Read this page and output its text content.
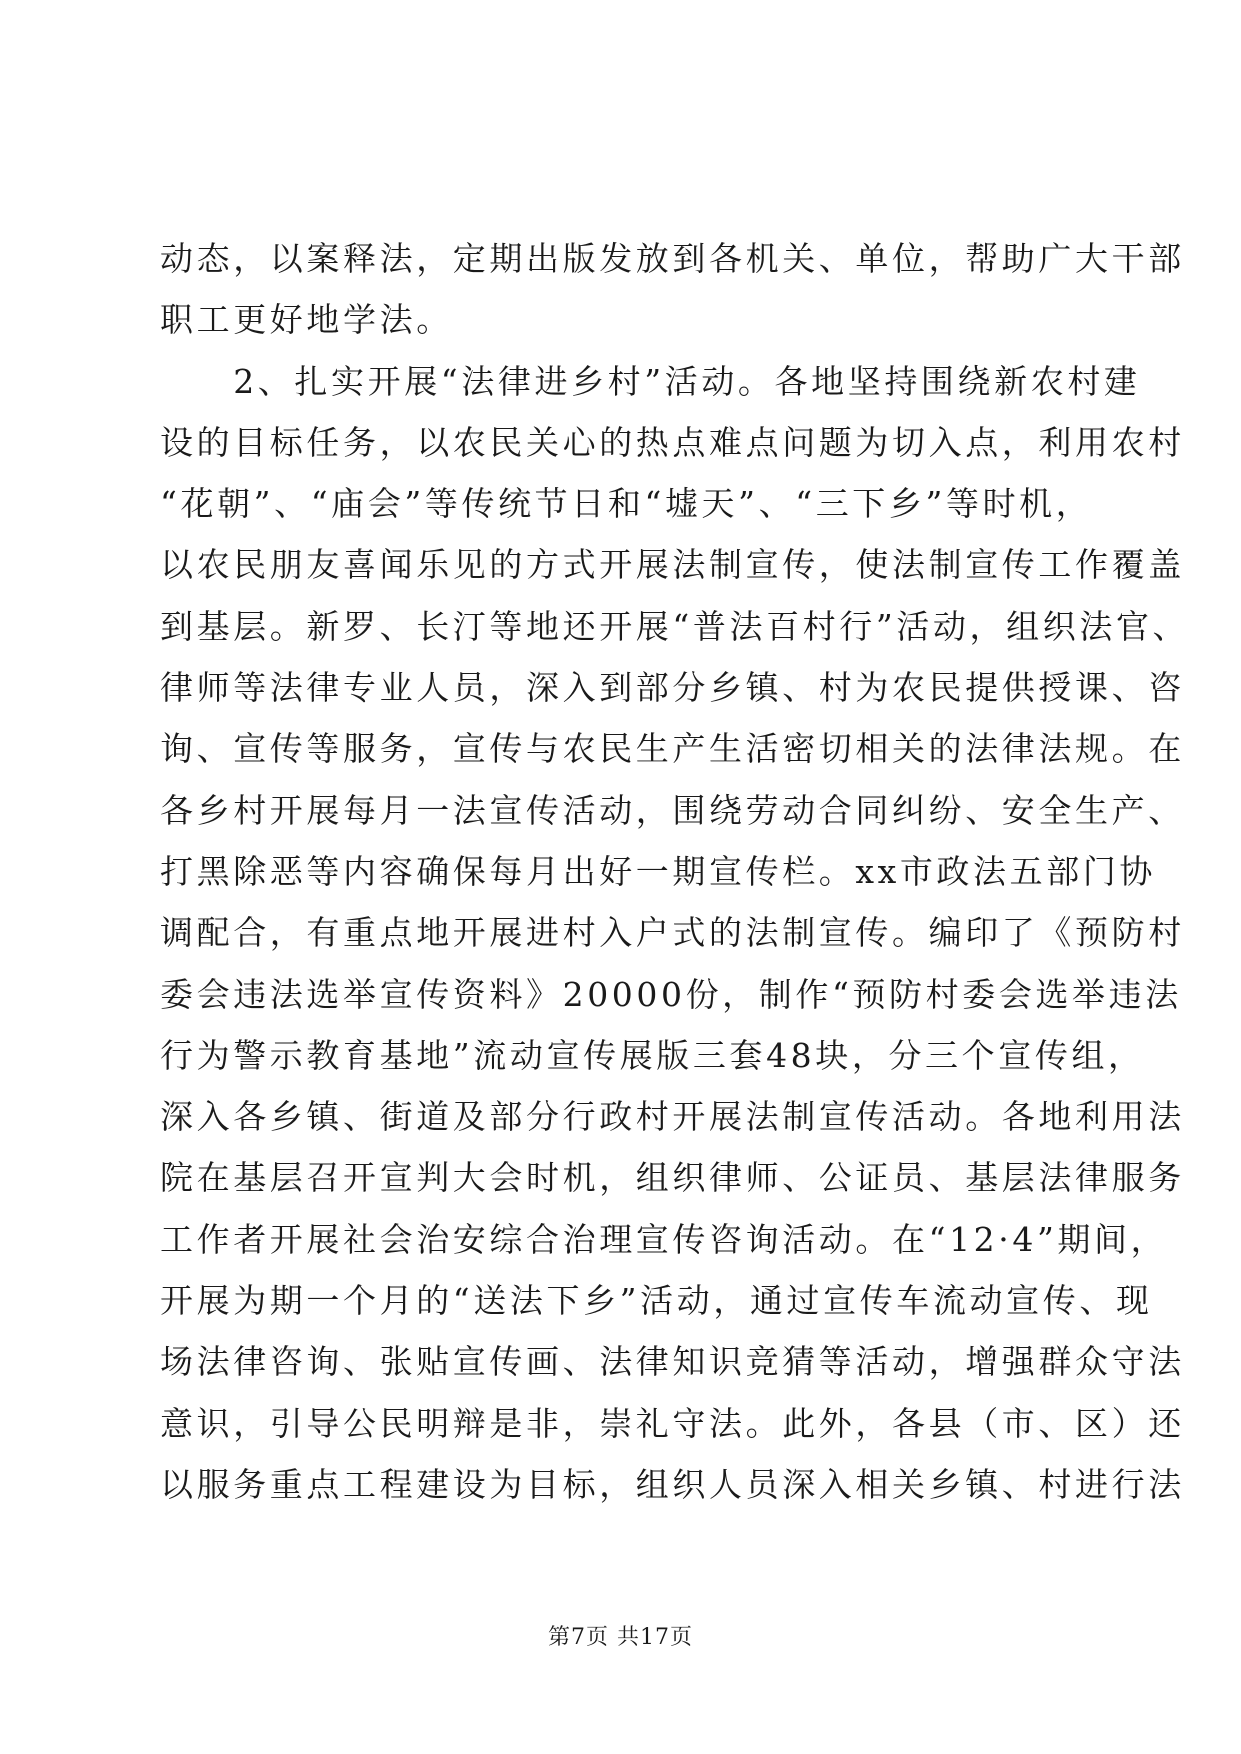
动态，以案释法，定期出版发放到各机关、单位，帮助广大干部
职工更好地学法。
　　2、扎实开展“法律进乡村”活动。各地坚持围绕新农村建
设的目标任务，以农民关心的热点难点问题为切入点，利用农村
“花朝”、“庙会”等传统节日和“墟天”、“三下乡”等时机，
以农民朋友喜闻乐见的方式开展法制宣传，使法制宣传工作覆盖
到基层。新罗、长汀等地还开展“普法百村行”活动，组织法官、
律师等法律专业人员，深入到部分乡镇、村为农民提供授课、咨
询、宣传等服务，宣传与农民生产生活密切相关的法律法规。在
各乡村开展每月一法宣传活动，围绕劳动合同纠纷、安全生产、
打黑除恶等内容确保每月出好一期宣传栏。xx市政法五部门协
调配合，有重点地开展进村入户式的法制宣传。编印了《预防村
委会违法选举宣传资料》20000份，制作“预防村委会选举违法
行为警示教育基地”流动宣传展版三套48块，分三个宣传组，
深入各乡镇、街道及部分行政村开展法制宣传活动。各地利用法
院在基层召开宣判大会时机，组织律师、公证员、基层法律服务
工作者开展社会治安综合治理宣传咨询活动。在“12·4”期间，
开展为期一个月的“送法下乡”活动，通过宣传车流动宣传、现
场法律咨询、张贴宣传画、法律知识竞猜等活动，增强群众守法
意识，引导公民明辩是非，崇礼守法。此外，各县（市、区）还
以服务重点工程建设为目标，组织人员深入相关乡镇、村进行法
第7页 共17页
